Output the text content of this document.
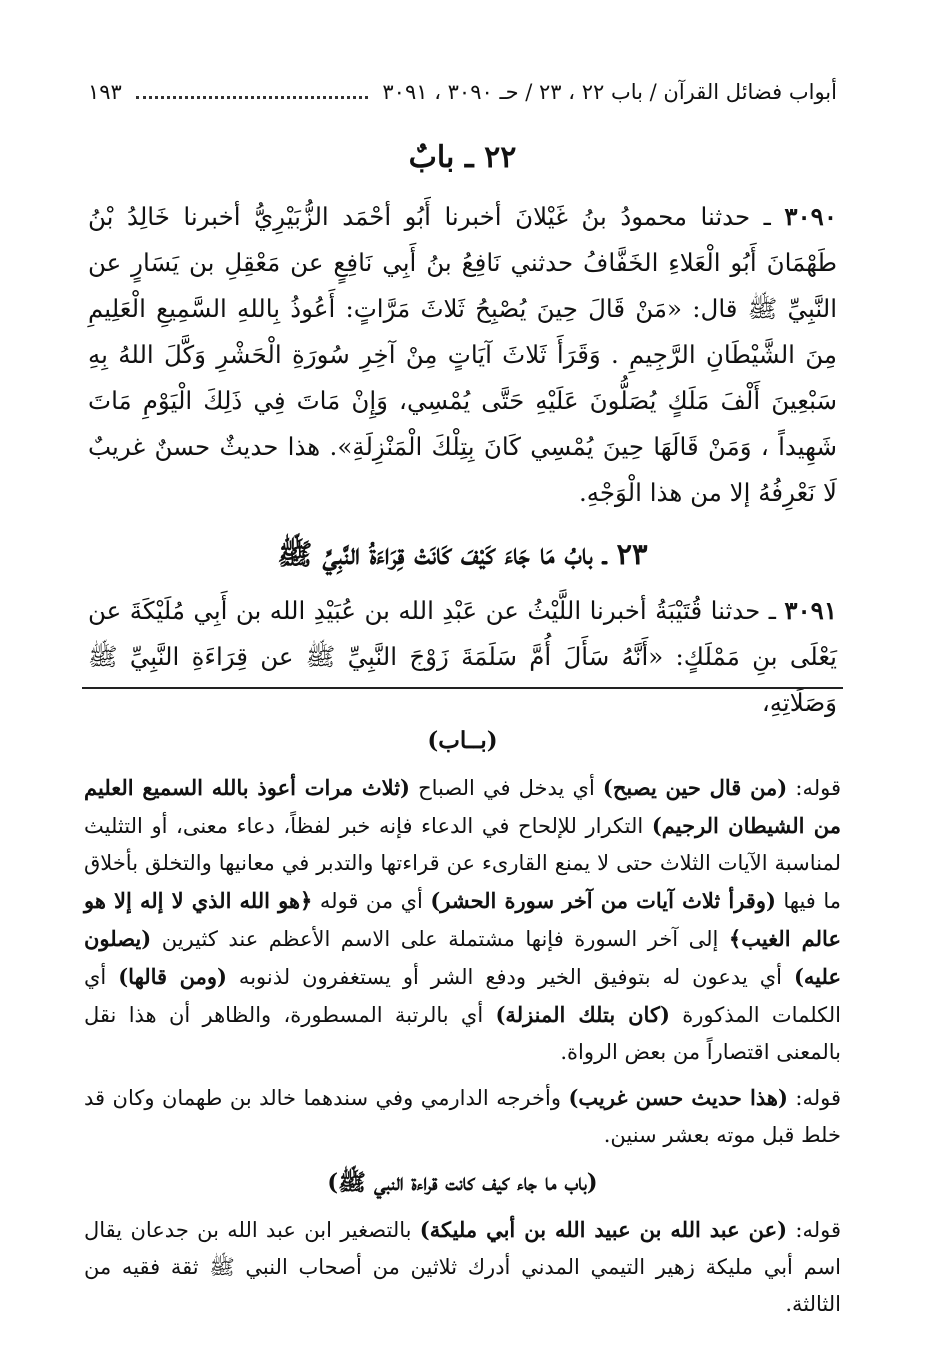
أبواب فضائل القرآن / باب ٢٢ ، ٢٣ / حـ ٣٠٩٠ ، ٣٠٩١
١٩٣
٢٢ ـ بابٌ

٣٠٩٠ ـ حدثنا محمودُ بنُ غَيْلانَ أخبرنا أَبُو أحْمَد الزُّبَيْرِيُّ أخبرنا خَالِدُ بْنُ طَهْمَانَ أَبُو الْعَلاءِ الخَفَّافُ حدثني نَافِعُ بنُ أَبِي نَافِعٍ عن مَعْقِلِ بن يَسَارٍ عن النَّبِيِّ ﷺ قال: «مَنْ قَالَ حِينَ يُصْبِحُ ثَلاثَ مَرَّاتٍ: أَعُوذُ بِاللهِ السَّمِيعِ الْعَلِيمِ مِنَ الشَّيْطَانِ الرَّجِيمِ . وَقَرَأَ ثَلاثَ آيَاتٍ مِنْ آخِرِ سُورَةِ الْحَشْرِ وَكَّلَ اللهُ بِهِ سَبْعِينَ أَلْفَ مَلَكٍ يُصَلُّونَ عَلَيْهِ حَتَّى يُمْسِي، وَإِنْ مَاتَ فِي ذَلِكَ الْيَوْمِ مَاتَ شَهِيداً ، وَمَنْ قَالَهَا حِينَ يُمْسِي كَانَ بِتِلْكَ الْمَنْزِلَةِ». هذا حديثٌ حسنٌ غريبٌ لَا نَعْرِفُهُ إلا من هذا الْوَجْهِ.

٢٣ ـ بابُ مَا جَاءَ كَيْفَ كَانَتْ قِرَاءَةُ النَّبِيِّ ﷺ

٣٠٩١ ـ حدثنا قُتَيْبَةُ أخبرنا اللَّيْثُ عن عَبْدِ الله بن عُبَيْدِ الله بن أَبِي مُلَيْكَةَ عن يَعْلَى بنِ مَمْلَكٍ: «أَنَّهُ سَأَلَ أُمَّ سَلَمَةَ زَوْجَ النَّبِيِّ ﷺ عن قِرَاءَةِ النَّبِيِّ ﷺ وَصَلَاتِهِ،

(بــاب)

قوله: (من قال حين يصبح) أي يدخل في الصباح (ثلاث مرات أعوذ بالله السميع العليم من الشيطان الرجيم) التكرار للإلحاح في الدعاء فإنه خبر لفظاً، دعاء معنى، أو التثليث لمناسبة الآيات الثلاث حتى لا يمنع القارىء عن قراءتها والتدبر في معانيها والتخلق بأخلاق ما فيها (وقرأ ثلاث آيات من آخر سورة الحشر) أي من قوله ﴿هو الله الذي لا إله إلا هو عالم الغيب﴾ إلى آخر السورة فإنها مشتملة على الاسم الأعظم عند كثيرين (يصلون عليه) أي يدعون له بتوفيق الخير ودفع الشر أو يستغفرون لذنوبه (ومن قالها) أي الكلمات المذكورة (كان بتلك المنزلة) أي بالرتبة المسطورة، والظاهر أن هذا نقل بالمعنى اقتصاراً من بعض الرواة.

قوله: (هذا حديث حسن غريب) وأخرجه الدارمي وفي سندهما خالد بن طهمان وكان قد خلط قبل موته بعشر سنين.

(باب ما جاء كيف كانت قراءة النبي ﷺ)

قوله: (عن عبد الله بن عبيد الله بن أبي مليكة) بالتصغير ابن عبد الله بن جدعان يقال اسم أبي مليكة زهير التيمي المدني أدرك ثلاثين من أصحاب النبي ﷺ ثقة فقيه من الثالثة.
